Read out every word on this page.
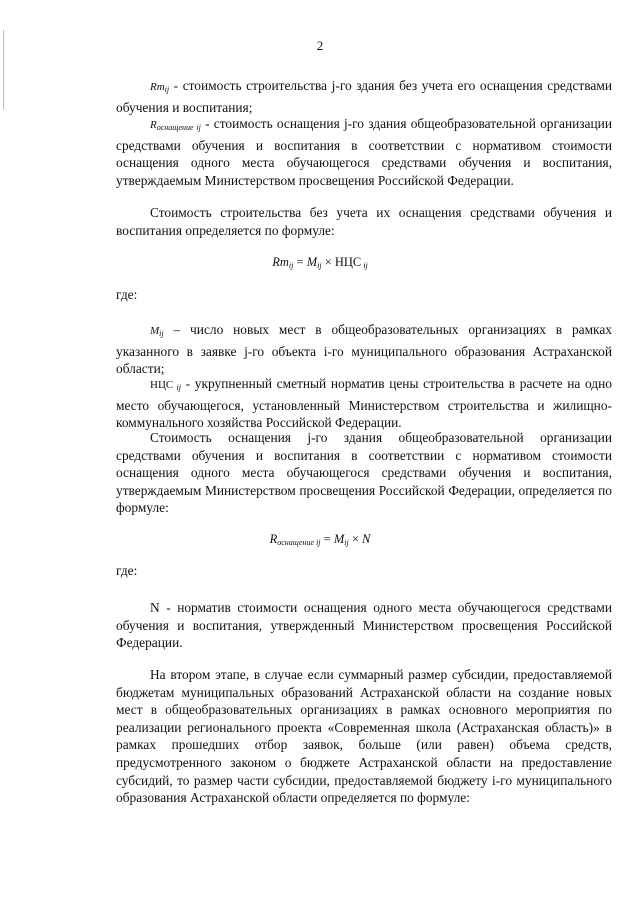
2

$Rm_{ij}$ - стоимость строительства j-го здания без учета его оснащения средствами обучения и воспитания;

$R_{оснащение ij}$ - стоимость оснащения j-го здания общеобразовательной организации средствами обучения и воспитания в соответствии с нормативом стоимости оснащения одного места обучающегося средствами обучения и воспитания, утверждаемым Министерством просвещения Российской Федерации.

Стоимость строительства без учета их оснащения средствами обучения и воспитания определяется по формуле:

$Rm_{ij} = M_{ij}$ × НЦС $_{ij}$
где:

$M_{ij}$ – число новых мест в общеобразовательных организациях в рамках указанного в заявке j-го объекта i-го муниципального образования Астраханской области;

НЦС $_{ij}$ - укрупненный сметный норматив цены строительства в расчете на одно место обучающегося, установленный Министерством строительства и жилищно-коммунального хозяйства Российской Федерации.

Стоимость оснащения j-го здания общеобразовательной организации средствами обучения и воспитания в соответствии с нормативом стоимости оснащения одного места обучающегося средствами обучения и воспитания, утверждаемым Министерством просвещения Российской Федерации, определяется по формуле:

$R_{оснащение ij} = M_{ij} \times N$
где:

N - норматив стоимости оснащения одного места обучающегося средствами обучения и воспитания, утвержденный Министерством просвещения Российской Федерации.

На втором этапе, в случае если суммарный размер субсидии, предоставляемой бюджетам муниципальных образований Астраханской области на создание новых мест в общеобразовательных организациях в рамках основного мероприятия по реализации регионального проекта «Современная школа (Астраханская область)» в рамках прошедших отбор заявок, больше (или равен) объема средств, предусмотренного законом о бюджете Астраханской области на предоставление субсидий, то размер части субсидии, предоставляемой бюджету i-го муниципального образования Астраханской области определяется по формуле:
